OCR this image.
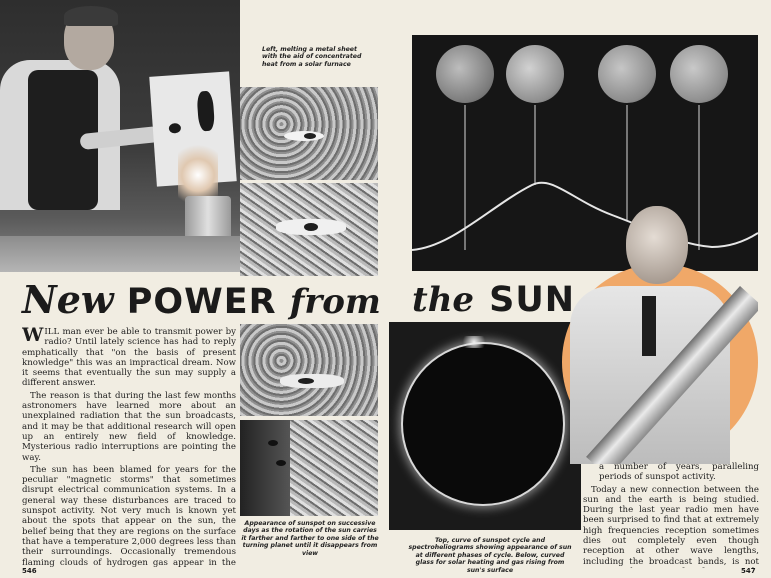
Left, melting a metal sheet with the aid of concentrated heat from a solar furnace
Appearance of sunspot on successive days as the rotation of the sun carries it farther and farther to one side of the turning planet until it disappears from view
New POWER from the SUN

WILL man ever be able to transmit power by radio? Until lately science has had to reply emphatically that "on the basis of present knowledge" this was an impractical dream. Now it seems that eventually the sun may supply a different answer.

The reason is that during the last few months astronomers have learned more about an unexplained radiation that the sun broadcasts, and it may be that additional research will open up an entirely new field of knowledge. Mysterious radio interruptions are pointing the way.

The sun has been blamed for years for the peculiar "magnetic storms" that sometimes disrupt electrical communication systems. In a general way these disturbances are traced to sunspot activity. Not very much is known yet about the spots that appear on the sun, the belief being that they are regions on the surface that have a temperature 2,000 degrees less than their surroundings. Occasionally tremendous flaming clouds of hydrogen gas appear in the

546
Top, curve of sunspot cycle and spectroheliograms showing appearance of sun at different phases of cycle. Below, curved glass for solar heating and gas rising from sun's surface

a number of years, paralleling periods of sunspot activity.

Today a new connection between the sun and the earth is being studied. During the last year radio men have been surprised to find that at extremely high frequencies reception sometimes dies out completely even though reception at other wave lengths, including the broadcast bands, is not

547
